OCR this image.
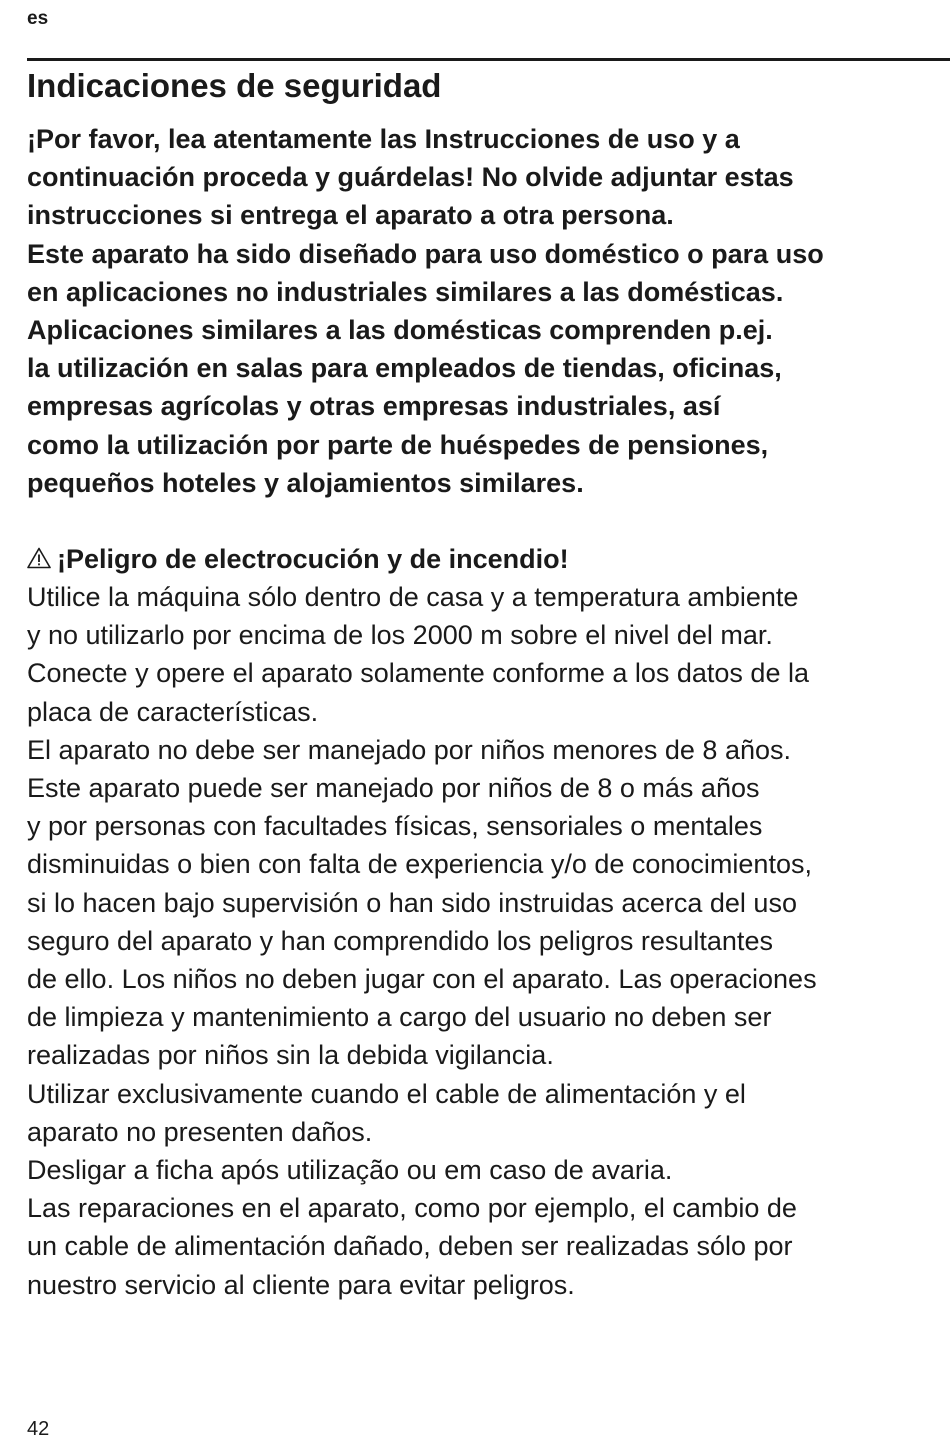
es
Indicaciones de seguridad

¡Por favor, lea atentamente las Instrucciones de uso y a
continuación proceda y guárdelas! No olvide adjuntar estas
instrucciones si entrega el aparato a otra persona.
Este aparato ha sido diseñado para uso doméstico o para uso
en aplicaciones no industriales similares a las domésticas.
Aplicaciones similares a las domésticas comprenden p.ej.
la utilización en salas para empleados de tiendas, oficinas,
empresas agrícolas y otras empresas industriales, así
como la utilización por parte de huéspedes de pensiones,
pequeños hoteles y alojamientos similares.

¡Peligro de electrocución y de incendio!

Utilice la máquina sólo dentro de casa y a temperatura ambiente
y no utilizarlo por encima de los 2000 m sobre el nivel del mar.
Conecte y opere el aparato solamente conforme a los datos de la
placa de características.
El aparato no debe ser manejado por niños menores de 8 años.
Este aparato puede ser manejado por niños de 8 o más años
y por personas con facultades físicas, sensoriales o mentales
disminuidas o bien con falta de experiencia y/o de conocimientos,
si lo hacen bajo supervisión o han sido instruidas acerca del uso
seguro del aparato y han comprendido los peligros resultantes
de ello. Los niños no deben jugar con el aparato. Las operaciones
de limpieza y mantenimiento a cargo del usuario no deben ser
realizadas por niños sin la debida vigilancia.
Utilizar exclusivamente cuando el cable de alimentación y el
aparato no presenten daños.
Desligar a ficha após utilização ou em caso de avaria.
Las reparaciones en el aparato, como por ejemplo, el cambio de
un cable de alimentación dañado, deben ser realizadas sólo por
nuestro servicio al cliente para evitar peligros.

42
